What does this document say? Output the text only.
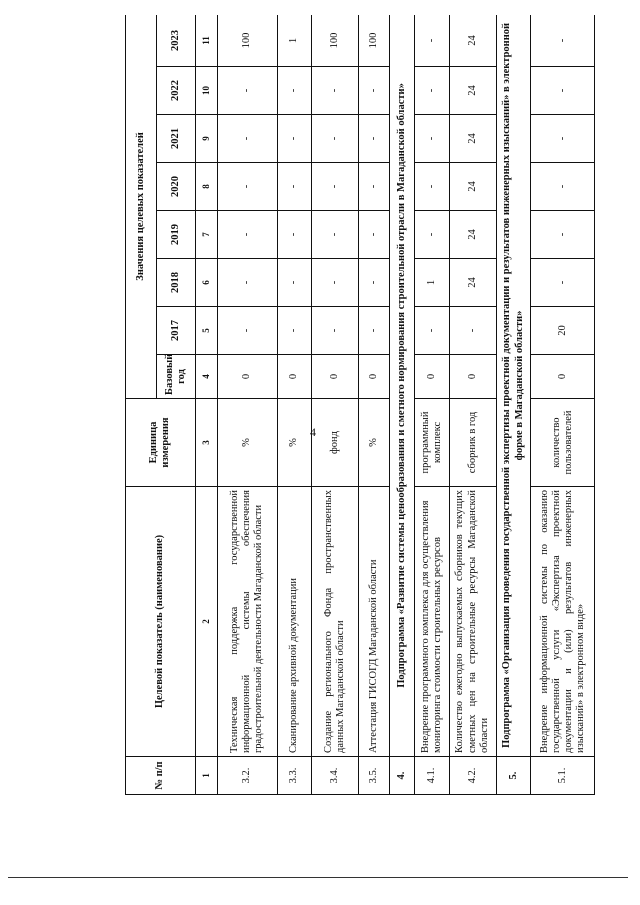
4
№ п/п	Целевой показатель (наименование)	Единица измерения	Значения целевых показателей							
			Базовый год	2017	2018	2019	2020	2021	2022	2023
1	2	3	4	5	6	7	8	9	10	11
3.2.	Техническая поддержка государственной информационной системы обеспечения градостроительной деятельности Магаданской области	%	0	-	-	-	-	-	-	100
3.3.	Сканирование архивной документации	%	0	-	-	-	-	-	-	1
3.4.	Создание регионального Фонда пространственных данных Магаданской области	фонд	0	-	-	-	-	-	-	100
3.5.	Аттестация ГИСОГД Магаданской области	%	0	-	-	-	-	-	-	100
4.	Подпрограмма «Развитие системы ценообразования и сметного нормирования строительной отрасли в Магаданской области»									
4.1.	Внедрение программного комплекса для осуществления мониторинга стоимости строительных ресурсов	программный комплекс	0	-	1	-	-	-	-	-
4.2.	Количество ежегодно выпускаемых сборников текущих сметных цен на строительные ресурсы Магаданской области	сборник в год	0	-	24	24	24	24	24	24
5.	Подпрограмма «Организация проведения государственной экспертизы проектной документации и результатов инженерных изысканий» в электронной форме в Магаданской области»									
5.1.	Внедрение информационной системы по оказанию государственной услуги «Экспертиза проектной документации и (или) результатов инженерных изысканий» в электронном виде»	количество пользователей	0	20	-	-	-	-	-	-
